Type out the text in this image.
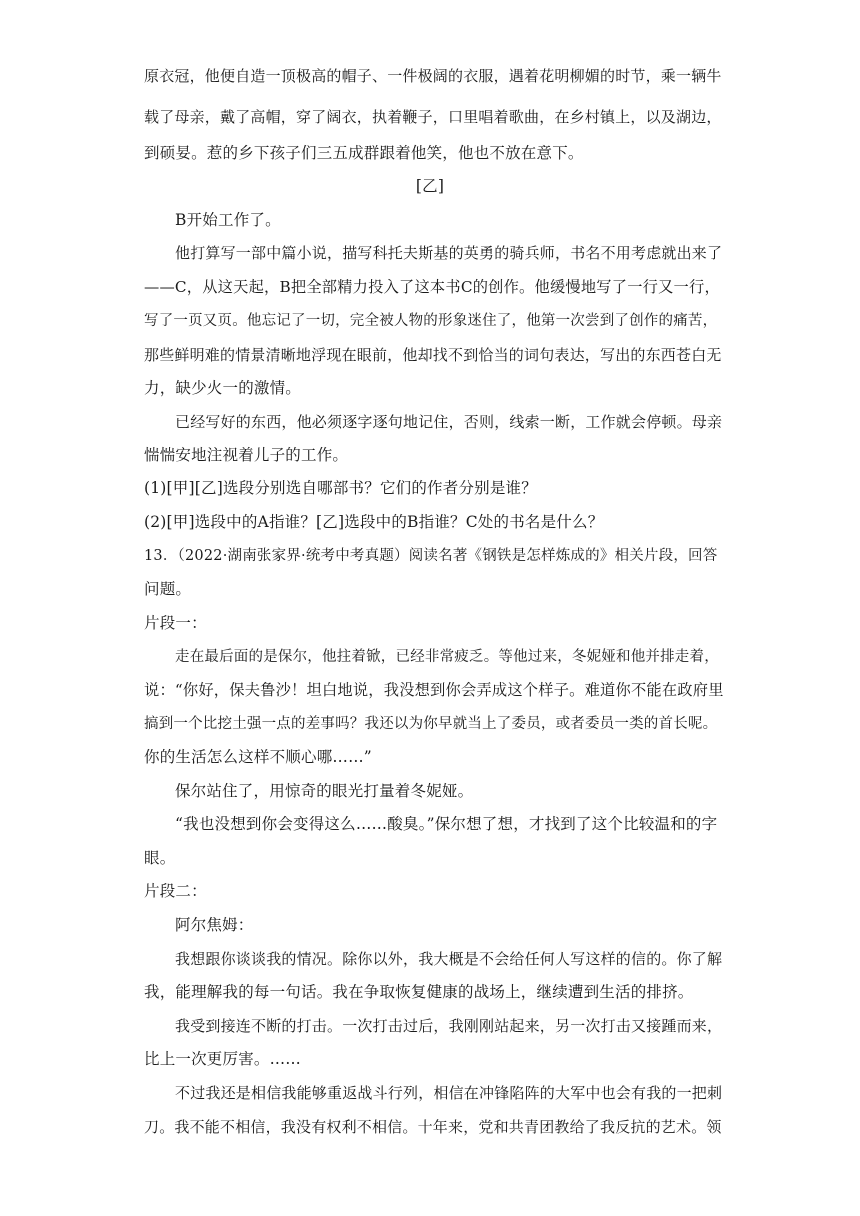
原衣冠，他便自造一顶极高的帽子、一件极阔的衣服，遇着花明柳媚的时节，乘一辆牛
载了母亲，戴了高帽，穿了阔衣，执着鞭子，口里唱着歌曲，在乡村镇上，以及湖边，
到硕妟。惹的乡下孩子们三五成群跟着他笑，他也不放在意下。
[乙]
B开始工作了。
他打算写一部中篇小说，描写科托夫斯基的英勇的骑兵师，书名不用考虑就出来了
——C，从这天起，B把全部精力投入了这本书C的创作。他缓慢地写了一行又一行，
写了一页又页。他忘记了一切，完全被人物的形象迷住了，他第一次尝到了创作的痛苦，
那些鲜明难的情景清晰地浮现在眼前，他却找不到恰当的词句表达，写出的东西苍白无
力，缺少火一的激情。
已经写好的东西，他必须逐字逐句地记住，否则，线索一断，工作就会停顿。母亲
惴惴安地注视着儿子的工作。
(1)[甲][乙]选段分别选自哪部书？它们的作者分别是谁？
(2)[甲]选段中的A指谁？[乙]选段中的B指谁？C处的书名是什么？
13．（2022·湖南张家界·统考中考真题）阅读名著《钢铁是怎样炼成的》相关片段，回答
问题。
片段一：
走在最后面的是保尔，他拄着锨，已经非常疲乏。等他过来，冬妮娅和他并排走着，
说：“你好，保夫鲁沙！坦白地说，我没想到你会弄成这个样子。难道你不能在政府里
搞到一个比挖土强一点的差事吗？我还以为你早就当上了委员，或者委员一类的首长呢。
你的生活怎么这样不顺心哪……”
保尔站住了，用惊奇的眼光打量着冬妮娅。
“我也没想到你会变得这么……酸臭。”保尔想了想，才找到了这个比较温和的字
眼。
片段二：
阿尔焦姆：
我想跟你谈谈我的情况。除你以外，我大概是不会给任何人写这样的信的。你了解
我，能理解我的每一句话。我在争取恢复健康的战场上，继续遭到生活的排挤。
我受到接连不断的打击。一次打击过后，我刚刚站起来，另一次打击又接踵而来，
比上一次更厉害。……
不过我还是相信我能够重返战斗行列，相信在冲锋陷阵的大军中也会有我的一把刺
刀。我不能不相信，我没有权利不相信。十年来，党和共青团教给了我反抗的艺术。领
